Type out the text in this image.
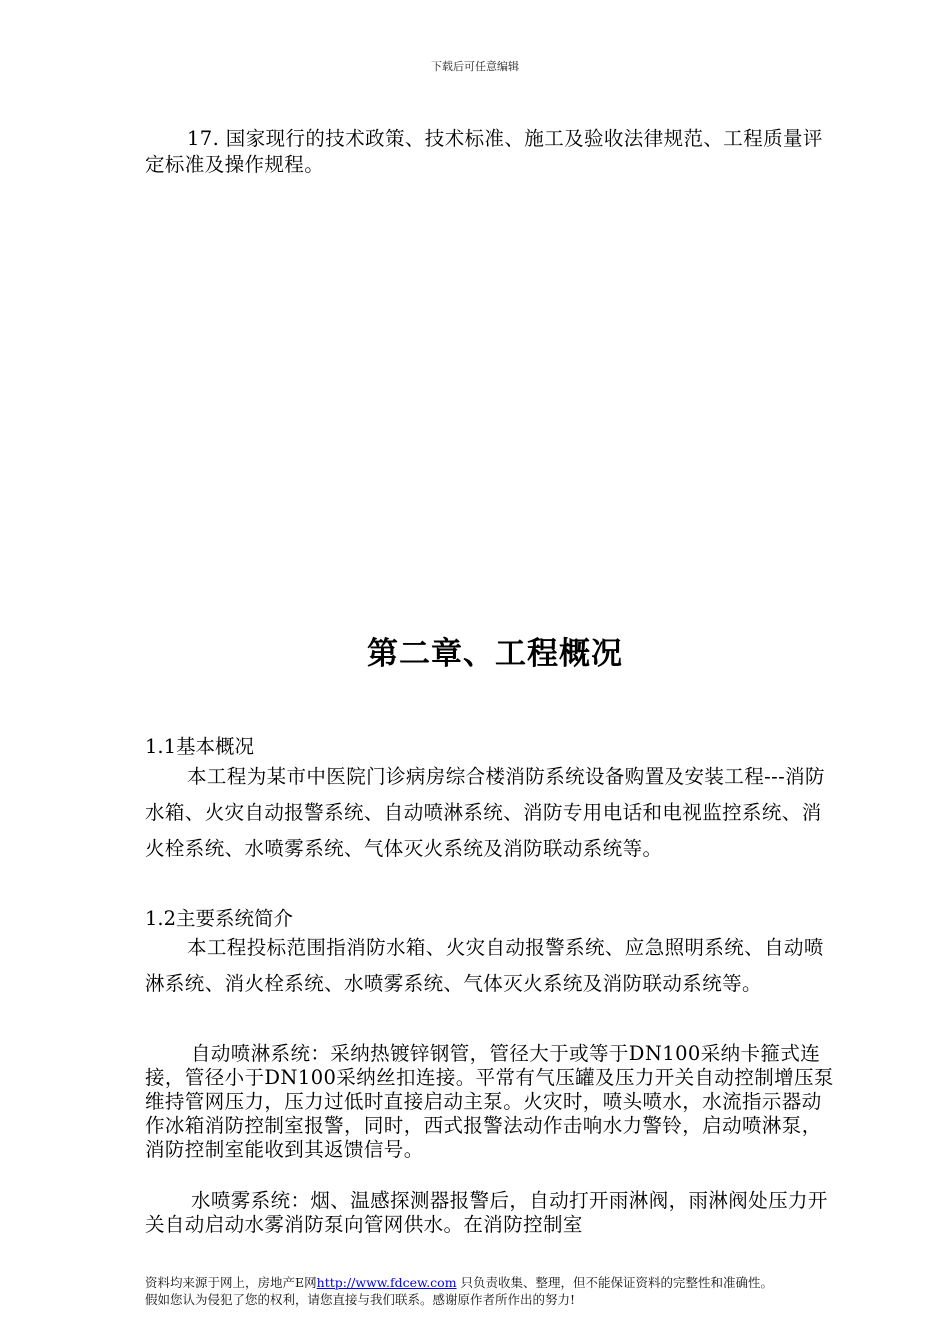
下载后可任意编辑

17. 国家现行的技术政策、技术标准、施工及验收法律规范、工程质量评定标准及操作规程。

第二章、工程概况
1.1基本概况

本工程为某市中医院门诊病房综合楼消防系统设备购置及安装工程---消防水箱、火灾自动报警系统、自动喷淋系统、消防专用电话和电视监控系统、消火栓系统、水喷雾系统、气体灭火系统及消防联动系统等。

1.2主要系统简介

本工程投标范围指消防水箱、火灾自动报警系统、应急照明系统、自动喷淋系统、消火栓系统、水喷雾系统、气体灭火系统及消防联动系统等。

自动喷淋系统：采纳热镀锌钢管，管径大于或等于DN100采纳卡箍式连接，管径小于DN100采纳丝扣连接。平常有气压罐及压力开关自动控制增压泵维持管网压力，压力过低时直接启动主泵。火灾时，喷头喷水，水流指示器动作冰箱消防控制室报警，同时，西式报警法动作击响水力警铃，启动喷淋泵，消防控制室能收到其返馈信号。

水喷雾系统：烟、温感探测器报警后，自动打开雨淋阀，雨淋阀处压力开关自动启动水雾消防泵向管网供水。在消防控制室

资料均来源于网上，房地产E网http://www.fdcew.com 只负责收集、整理，但不能保证资料的完整性和准确性。
假如您认为侵犯了您的权利，请您直接与我们联系。感谢原作者所作出的努力!
